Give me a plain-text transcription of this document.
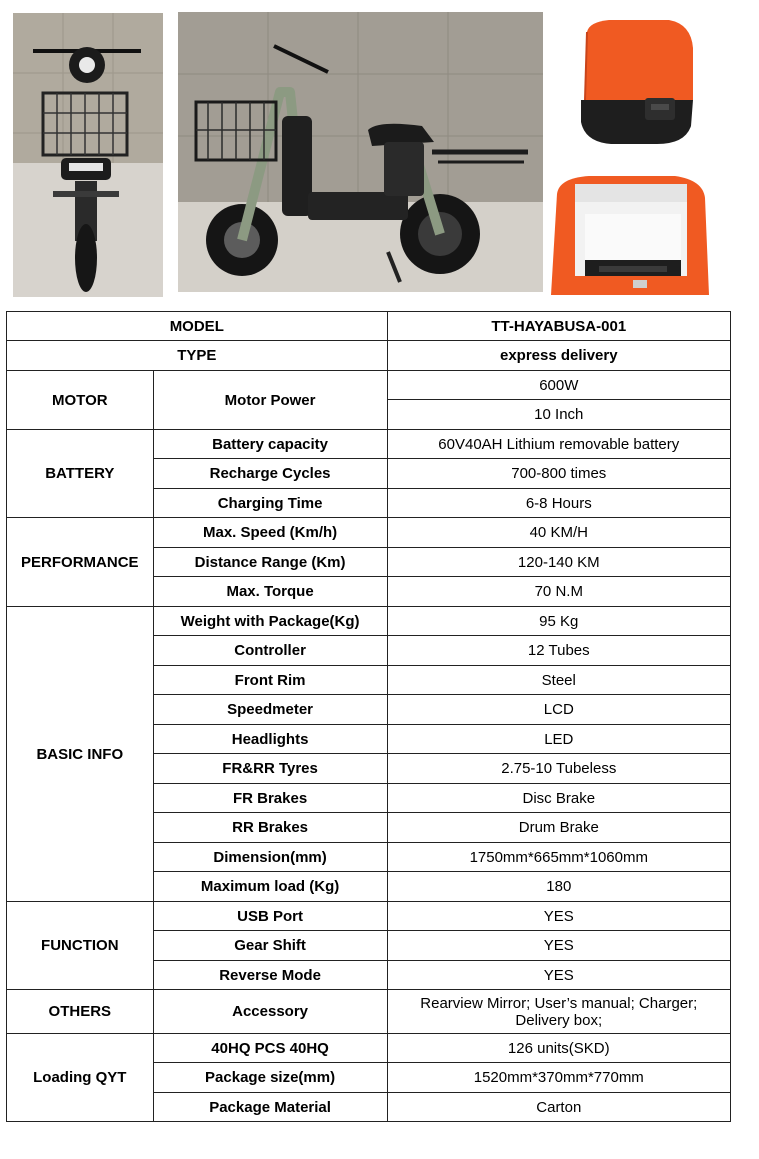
MODEL		TT-HAYABUSA-001
TYPE		express delivery
MOTOR	Motor Power	600W
		10 Inch
BATTERY	Battery capacity	60V40AH Lithium removable battery
	Recharge Cycles	700-800 times
	Charging Time	6-8 Hours
PERFORMANCE	Max. Speed (Km/h)	40 KM/H
	Distance Range (Km)	120-140 KM
	Max. Torque	70 N.M
BASIC INFO	Weight with Package(Kg)	95 Kg
	Controller	12 Tubes
	Front Rim	Steel
	Speedmeter	LCD
	Headlights	LED
	FR&RR Tyres	2.75-10 Tubeless
	FR Brakes	Disc Brake
	RR Brakes	Drum Brake
	Dimension(mm)	1750mm*665mm*1060mm
	Maximum load (Kg)	180
FUNCTION	USB Port	YES
	Gear Shift	YES
	Reverse Mode	YES
OTHERS	Accessory	Rearview Mirror; User’s manual; Charger;
Delivery box;

Loading QYT	40HQ PCS 40HQ	126 units(SKD)
	Package size(mm)	1520mm*370mm*770mm
	Package Material	Carton
